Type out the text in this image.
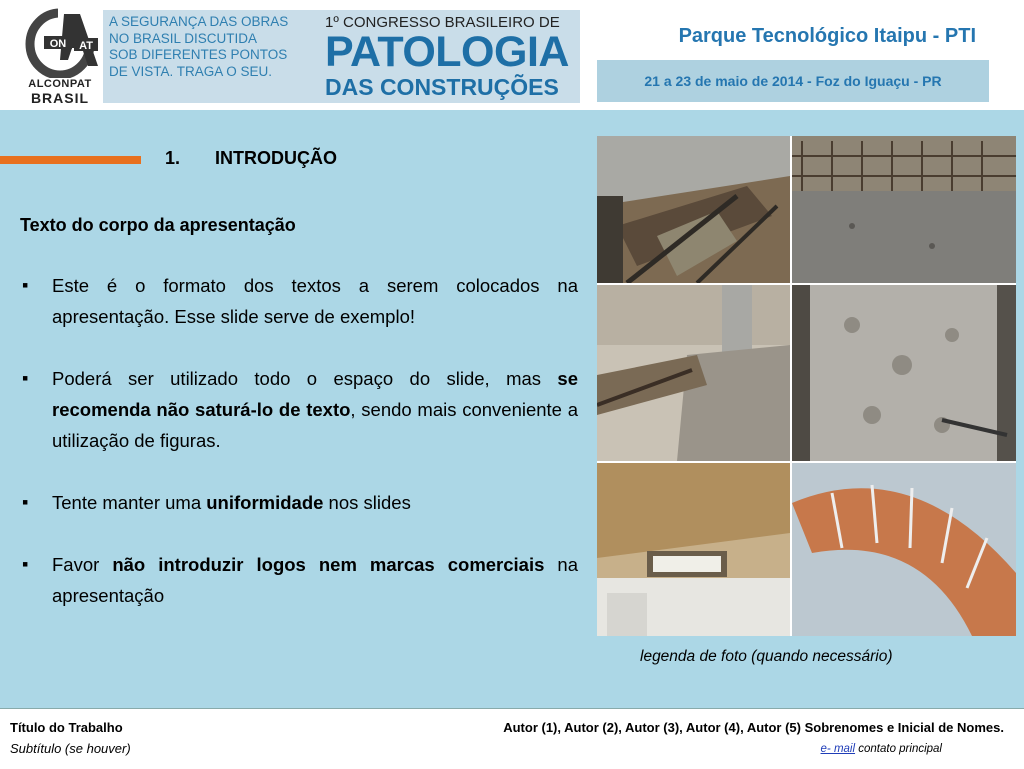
ON AT
ALCONPAT
BRASIL
A SEGURANÇA DAS OBRAS
NO BRASIL DISCUTIDA
SOB DIFERENTES PONTOS
DE VISTA. TRAGA O SEU.
1º CONGRESSO BRASILEIRO DE
PATOLOGIA
DAS CONSTRUÇÕES
Parque Tecnológico Itaipu - PTI
21 a 23 de maio de 2014 - Foz do Iguaçu - PR
1. INTRODUÇÃO
Texto do corpo da apresentação
▪ Este é o formato dos textos a serem colocados na apresentação. Esse slide serve de exemplo!
▪ Poderá ser utilizado todo o espaço do slide, mas se recomenda não saturá-lo de texto, sendo mais conveniente a utilização de figuras.
▪ Tente manter uma uniformidade nos slides
▪ Favor não introduzir logos nem marcas comerciais na apresentação
legenda de foto (quando necessário)
Título do Trabalho
Subtítulo (se houver)
Autor (1), Autor (2), Autor (3), Autor (4), Autor (5) Sobrenomes e Inicial de Nomes.
e- mail contato principal
